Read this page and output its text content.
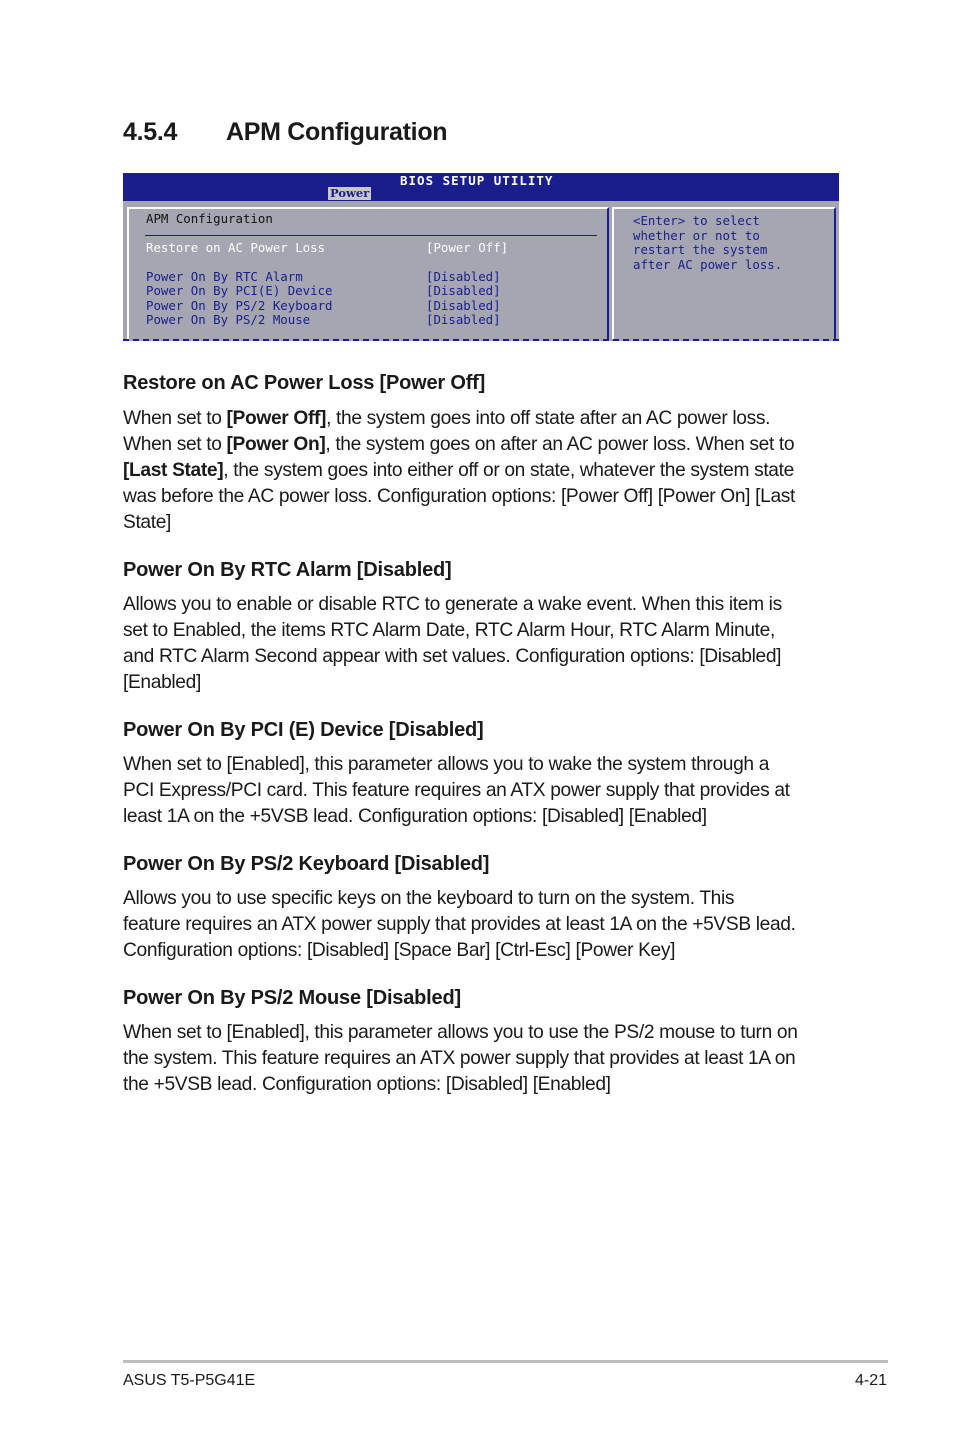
4.5.4 APM Configuration
BIOS SETUP UTILITY
Power
APM Configuration
Restore on AC Power Loss	[Power Off]
Power On By RTC Alarm	[Disabled]
Power On By PCI(E) Device	[Disabled]
Power On By PS/2 Keyboard	[Disabled]
Power On By PS/2 Mouse	[Disabled]
<Enter> to select
whether or not to
restart the system
after AC power loss.
Restore on AC Power Loss [Power Off]

When set to [Power Off], the system goes into off state after an AC power loss.
When set to [Power On], the system goes on after an AC power loss. When set to
[Last State], the system goes into either off or on state, whatever the system state
was before the AC power loss. Configuration options: [Power Off] [Power On] [Last
State]

Power On By RTC Alarm [Disabled]

Allows you to enable or disable RTC to generate a wake event. When this item is
set to Enabled, the items RTC Alarm Date, RTC Alarm Hour, RTC Alarm Minute,
and RTC Alarm Second appear with set values. Configuration options: [Disabled]
[Enabled]

Power On By PCI (E) Device [Disabled]

When set to [Enabled], this parameter allows you to wake the system through a
PCI Express/PCI card. This feature requires an ATX power supply that provides at
least 1A on the +5VSB lead. Configuration options: [Disabled] [Enabled]

Power On By PS/2 Keyboard [Disabled]

Allows you to use specific keys on the keyboard to turn on the system. This
feature requires an ATX power supply that provides at least 1A on the +5VSB lead.
Configuration options: [Disabled] [Space Bar] [Ctrl-Esc] [Power Key]

Power On By PS/2 Mouse [Disabled]

When set to [Enabled], this parameter allows you to use the PS/2 mouse to turn on
the system. This feature requires an ATX power supply that provides at least 1A on
the +5VSB lead. Configuration options: [Disabled] [Enabled]

ASUS T5-P5G41E	4-21
